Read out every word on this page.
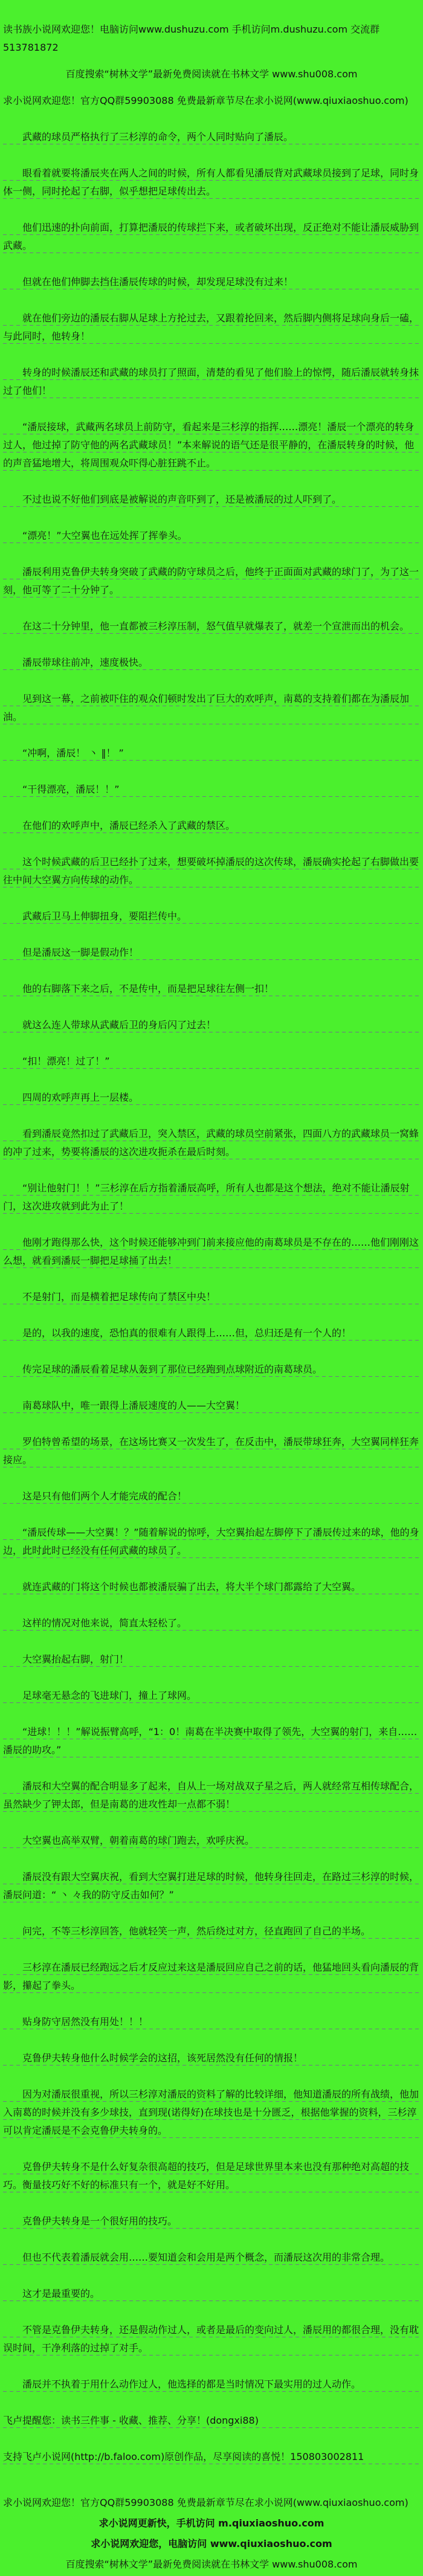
读书族小说网欢迎您！电脑访问www.dushuzu.com 手机访问m.dushuzu.com 交流群513781872
百度搜索“树林文学”最新免费阅读就在书林文学 www.shu008.com
求小说网欢迎您！官方QQ群59903088 免费最新章节尽在求小说网(www.qiuxiaoshuo.com)

武藏的球员严格执行了三杉淳的命令，两个人同时贴向了潘辰。

眼看着就要将潘辰夹在两人之间的时候，所有人都看见潘辰背对武藏球员接到了足球，同时身体一侧，同时抡起了右脚，似乎想把足球传出去。

他们迅速的扑向前面，打算把潘辰的传球拦下来，或者破坏出现，反正绝对不能让潘辰威胁到武藏。

但就在他们伸脚去挡住潘辰传球的时候，却发现足球没有过来！

就在他们旁边的潘辰右脚从足球上方抡过去，又跟着抡回来，然后脚内侧将足球向身后一磕，与此同时，他转身！

转身的时候潘辰还和武藏的球员打了照面，清楚的看见了他们脸上的惊愕，随后潘辰就转身抹过了他们！

“潘辰接球，武藏两名球员上前防守，看起来是三杉淳的指挥……漂亮！潘辰一个漂亮的转身过人，他过掉了防守他的两名武藏球员！”本来解说的语气还是很平静的，在潘辰转身的时候，他的声音猛地增大，将周围观众吓得心脏狂跳不止。

不过也说不好他们到底是被解说的声音吓到了，还是被潘辰的过人吓到了。

“漂亮！”大空翼也在远处挥了挥拳头。

潘辰利用克鲁伊夫转身突破了武藏的防守球员之后，他终于正面面对武藏的球门了，为了这一刻，他可等了二十分钟了。

在这二十分钟里，他一直都被三杉淳压制，怒气值早就爆表了，就差一个宣泄而出的机会。

潘辰带球往前冲，速度极快。

见到这一幕，之前被吓住的观众们顿时发出了巨大的欢呼声，南葛的支持着们都在为潘辰加油。

“冲啊，潘辰！ 丶 ‖！ ”

“干得漂亮，潘辰！！”

在他们的欢呼声中，潘辰已经杀入了武藏的禁区。

这个时候武藏的后卫已经扑了过来，想要破坏掉潘辰的这次传球，潘辰确实抡起了右脚做出要往中间大空翼方向传球的动作。

武藏后卫马上伸脚扭身，要阻拦传中。

但是潘辰这一脚是假动作！

他的右脚落下来之后，不是传中，而是把足球往左侧一扣！

就这么连人带球从武藏后卫的身后闪了过去！

“扣！漂亮！过了！”

四周的欢呼声再上一层楼。

看到潘辰竟然扣过了武藏后卫，突入禁区，武藏的球员空前紧张，四面八方的武藏球员一窝蜂的冲了过来，势要将潘辰的这次进攻扼杀在最后时刻。

“别让他射门！！”三杉淳在后方指着潘辰高呼，所有人也都是这个想法，绝对不能让潘辰射门，这次进攻就到此为止了！

他刚才跑得那么快，这个时候还能够冲到门前来接应他的南葛球员是不存在的……他们刚刚这么想，就看到潘辰一脚把足球捅了出去！

不是射门，而是横着把足球传向了禁区中央！

是的，以我的速度，恐怕真的很难有人跟得上……但，总归还是有一个人的！

传完足球的潘辰看着足球从轰到了那位已经跑到点球附近的南葛球员。

南葛球队中，唯一跟得上潘辰速度的人——大空翼！

罗伯特曾希望的场景，在这场比赛又一次发生了，在反击中，潘辰带球狂奔，大空翼同样狂奔接应。

这是只有他们两个人才能完成的配合！

“潘辰传球——大空翼！？”随着解说的惊呼，大空翼抬起左脚停下了潘辰传过来的球，他的身边，此时此时已经没有任何武藏的球员了。

就连武藏的门将这个时候也都被潘辰骗了出去，将大半个球门都露给了大空翼。

这样的情况对他来说，简直太轻松了。

大空翼抬起右脚，射门！

足球毫无悬念的飞进球门，撞上了球网。

“进球！！！”解说振臂高呼，“1：0！南葛在半决赛中取得了领先，大空翼的射门，来自……潘辰的助攻。”

潘辰和大空翼的配合明显多了起来，自从上一场对战双子星之后，两人就经常互相传球配合，虽然缺少了钾太郎，但是南葛的进攻性却一点都不弱！

大空翼也高举双臂，朝着南葛的球门跑去，欢呼庆祝。

潘辰没有跟大空翼庆祝，看到大空翼打进足球的时候，他转身往回走，在路过三杉淳的时候，潘辰问道：“ 丶 々我的防守反击如何？”

问完，不等三杉淳回答，他就轻笑一声，然后绕过对方，径直跑回了自己的半场。

三杉淳在潘辰已经跑远之后才反应过来这是潘辰回应自己之前的话，他猛地回头看向潘辰的背影，攥起了拳头。

贴身防守居然没有用处！！！

克鲁伊夫转身他什么时候学会的这招，该死居然没有任何的情报！

因为对潘辰很重视，所以三杉淳对潘辰的资料了解的比较详细，他知道潘辰的所有战绩，他加入南葛的时候并没有多少球技，直到现(诺得好)在球技也是十分匮乏，根据他掌握的资料，三杉淳可以肯定潘辰是不会克鲁伊夫转身的。

克鲁伊夫转身不是什么好复杂很高超的技巧，但是足球世界里本来也没有那种绝对高超的技巧。衡量技巧好不好的标准只有一个，就是好不好用。

克鲁伊夫转身是一个很好用的技巧。

但也不代表着潘辰就会用……要知道会和会用是两个概念，而潘辰这次用的非常合理。

这才是最重要的。

不管是克鲁伊夫转身，还是假动作过人，或者是最后的变向过人，潘辰用的都很合理，没有耽误时间，干净利落的过掉了对手。

潘辰并不执着于用什么动作过人，他选择的都是当时情况下最实用的过人动作。

飞卢提醒您：读书三件事 - 收藏、推荐、分享！(dongxi88)

支持飞卢小说网(http://b.faloo.com)原创作品，尽享阅读的喜悦！150803002811

求小说网欢迎您！官方QQ群59903088 免费最新章节尽在求小说网(www.qiuxiaoshuo.com)
求小说网更新快，手机访问 m.qiuxiaoshuo.com
求小说网欢迎您，电脑访问 www.qiuxiaoshuo.com
百度搜索“树林文学”最新免费阅读就在书林文学 www.shu008.com
